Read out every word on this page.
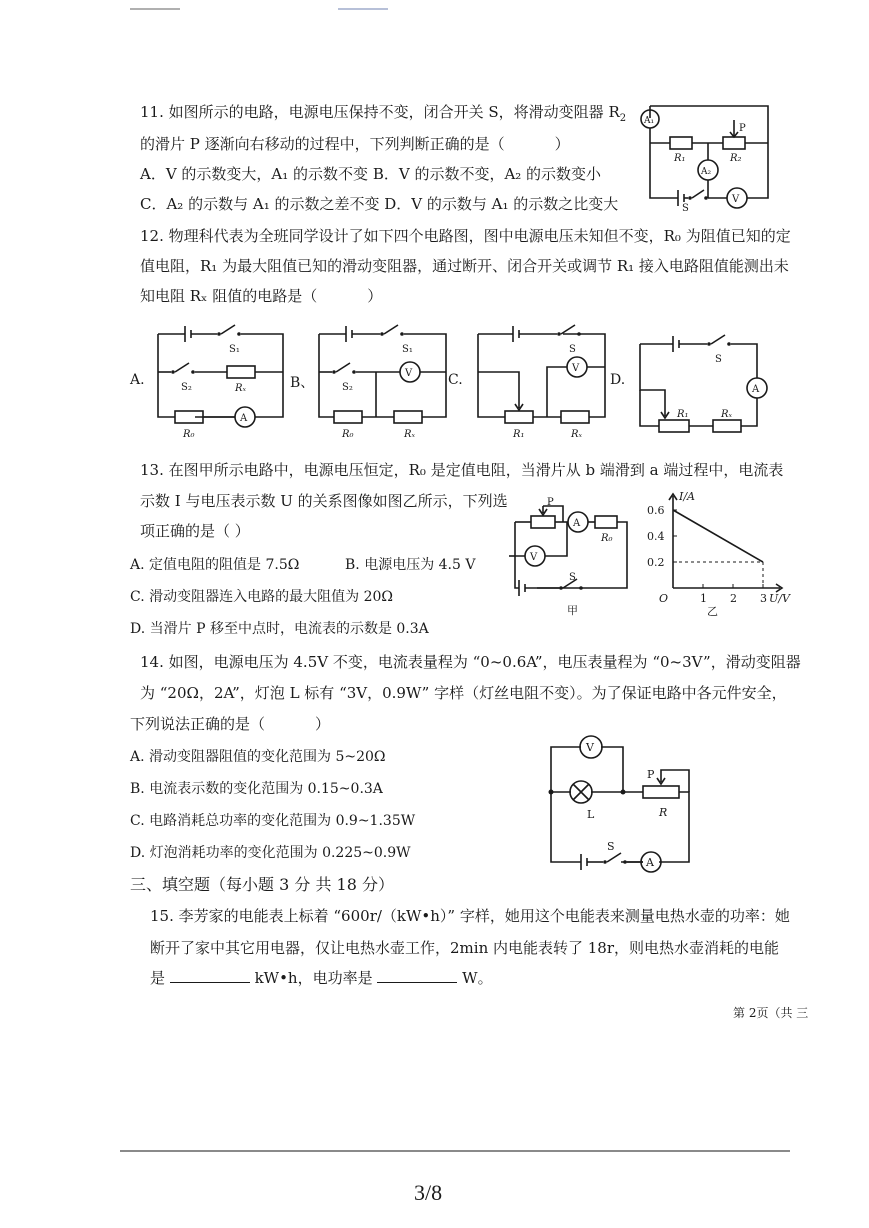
11. 如图所示的电路，电源电压保持不变，闭合开关 S，将滑动变阻器 $R_2$
的滑片 P 逐渐向右移动的过程中，下列判断正确的是（	）
A．V 的示数变大，A₁ 的示数不变 B．V 的示数不变，A₂ 的示数变小
C．A₂ 的示数与 A₁ 的示数之差不变 D．V 的示数与 A₁ 的示数之比变大
A₁
P
R₁	R₂
A₂
S
V
12. 物理科代表为全班同学设计了如下四个电路图，图中电源电压未知但不变，R₀ 为阻值已知的定
值电阻，R₁ 为最大阻值已知的滑动变阻器，通过断开、闭合开关或调节 R₁ 接入电路阻值能测出未
知电阻 Rₓ 阻值的电路是（	）
A.
S₁
S₂	Rₓ
A
R₀
B、
S₁
V
S₂
R₀	Rₓ
C.
S
V
R₁	Rₓ
D.
S
A
R₁	Rₓ
13. 在图甲所示电路中，电源电压恒定，R₀ 是定值电阻，当滑片从 b 端滑到 a 端过程中，电流表
示数 I 与电压表示数 U 的关系图像如图乙所示，下列选
项正确的是（ ）
A. 定值电阻的阻值是 7.5Ω	B. 电源电压为 4.5 V
C. 滑动变阻器连入电路的最大阻值为 20Ω
D. 当滑片 P 移至中点时，电流表的示数是 0.3A
P
A
R₀
V
S
甲
0.6
0.4
0.2
1 2 3
I/A
U/V
O
乙
14. 如图，电源电压为 4.5V 不变，电流表量程为 “0~0.6A”，电压表量程为 “0~3V”，滑动变阻器
为 “20Ω，2A”，灯泡 L 标有 “3V，0.9W” 字样（灯丝电阻不变）。为了保证电路中各元件安全，
下列说法正确的是（	）
A. 滑动变阻器阻值的变化范围为 5~20Ω
B. 电流表示数的变化范围为 0.15~0.3A
C. 电路消耗总功率的变化范围为 0.9~1.35W
D. 灯泡消耗功率的变化范围为 0.225~0.9W
V
P
L	R
S
A
三、填空题（每小题 3 分 共 18 分）
15. 李芳家的电能表上标着 “600r/（kW•h）” 字样，她用这个电能表来测量电热水壶的功率：她
断开了家中其它用电器，仅让电热水壶工作，2min 内电能表转了 18r，则电热水壶消耗的电能
是	kW•h，电功率是	W。
第 2页（共 三
3/8
